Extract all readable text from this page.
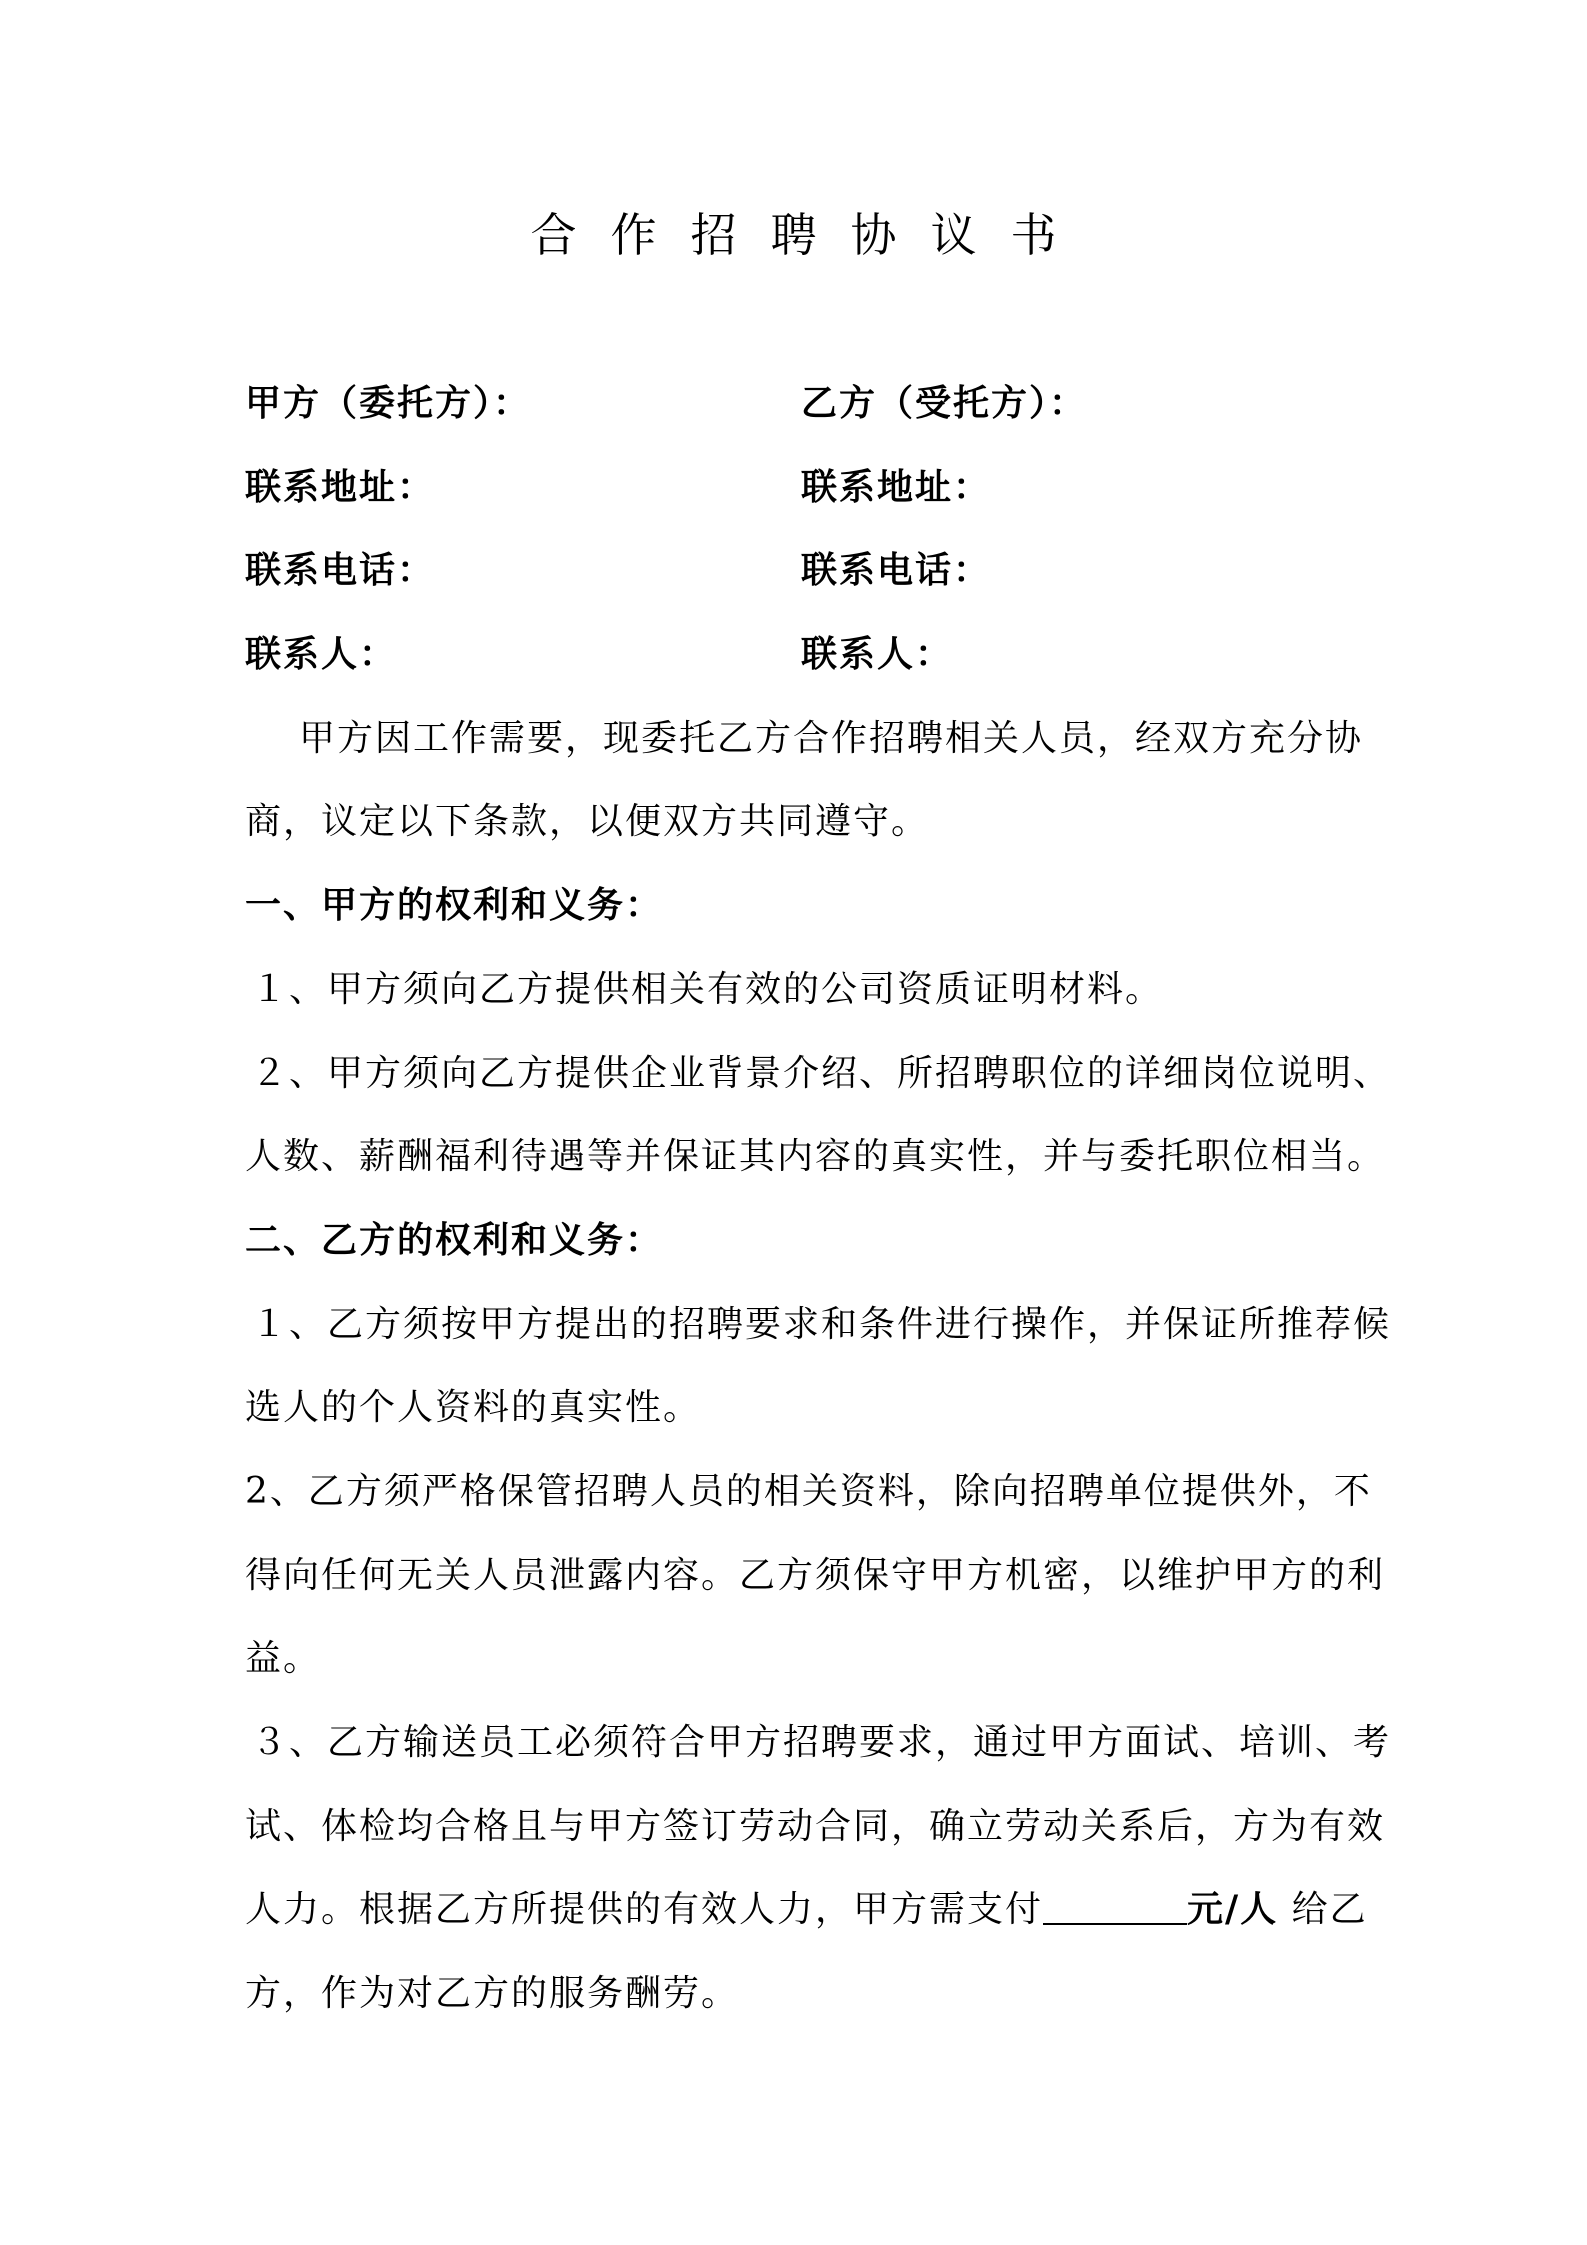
合作招聘协议书
甲方（委托方）：	乙方（受托方）：
联系地址：	联系地址：
联系电话：	联系电话：
联系人：	联系人：
甲方因工作需要，现委托乙方合作招聘相关人员，经双方充分协
商，议定以下条款，以便双方共同遵守。
一、甲方的权利和义务：
１、甲方须向乙方提供相关有效的公司资质证明材料。
２、甲方须向乙方提供企业背景介绍、所招聘职位的详细岗位说明、
人数、薪酬福利待遇等并保证其内容的真实性，并与委托职位相当。
二、乙方的权利和义务：
１、乙方须按甲方提出的招聘要求和条件进行操作，并保证所推荐候
选人的个人资料的真实性。
2、乙方须严格保管招聘人员的相关资料，除向招聘单位提供外，不
得向任何无关人员泄露内容。乙方须保守甲方机密，以维护甲方的利
益。
３、乙方输送员工必须符合甲方招聘要求，通过甲方面试、培训、考
试、体检均合格且与甲方签订劳动合同，确立劳动关系后，方为有效
人力。根据乙方所提供的有效人力，甲方需支付	元/人 给乙
方，作为对乙方的服务酬劳。
